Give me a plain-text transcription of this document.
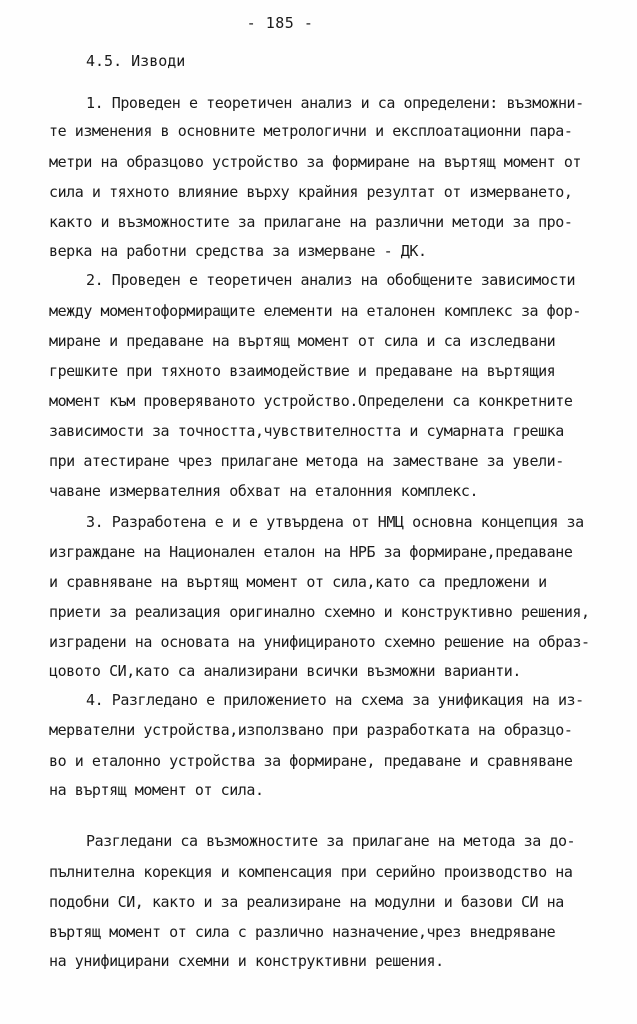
- 185 -
4.5. Изводи
1. Проведен е теоретичен анализ и са определени: възможни-
те изменения в основните метрологични и експлоатационни пара-
метри на образцово устройство за формиране на въртящ момент от
сила и тяхното влияние върху крайния резултат от измерването,
както и възможностите за прилагане на различни методи за про-
верка на работни средства за измерване - ДК.
2. Проведен е теоретичен анализ на обобщените зависимости
между моментоформиращите елементи на еталонен комплекс за фор-
миране и предаване на въртящ момент от сила и са изследвани
грешките при тяхното взаимодействие и предаване на въртящия
момент към проверяваното устройство.Определени са конкретните
зависимости за точността,чувствителността и сумарната грешка
при атестиране чрез прилагане метода на заместване за увели-
чаване измервателния обхват на еталонния комплекс.
3. Разработена е и е утвърдена от НМЦ основна концепция за
изграждане на Национален еталон на НРБ за формиране,предаване
и сравняване на въртящ момент от сила,като са предложени и
приети за реализация оригинално схемно и конструктивно решения,
изградени на основата на унифицираното схемно решение на образ-
цовото СИ,като са анализирани всички възможни варианти.
4. Разгледано е приложението на схема за унификация на из-
мервателни устройства,използвано при разработката на образцо-
во и еталонно устройства за формиране, предаване и сравняване
на въртящ момент от сила.
Разгледани са възможностите за прилагане на метода за до-
пълнителна корекция и компенсация при серийно производство на
подобни СИ, както и за реализиране на модулни и базови СИ на
въртящ момент от сила с различно назначение,чрез внедряване
на унифицирани схемни и конструктивни решения.
